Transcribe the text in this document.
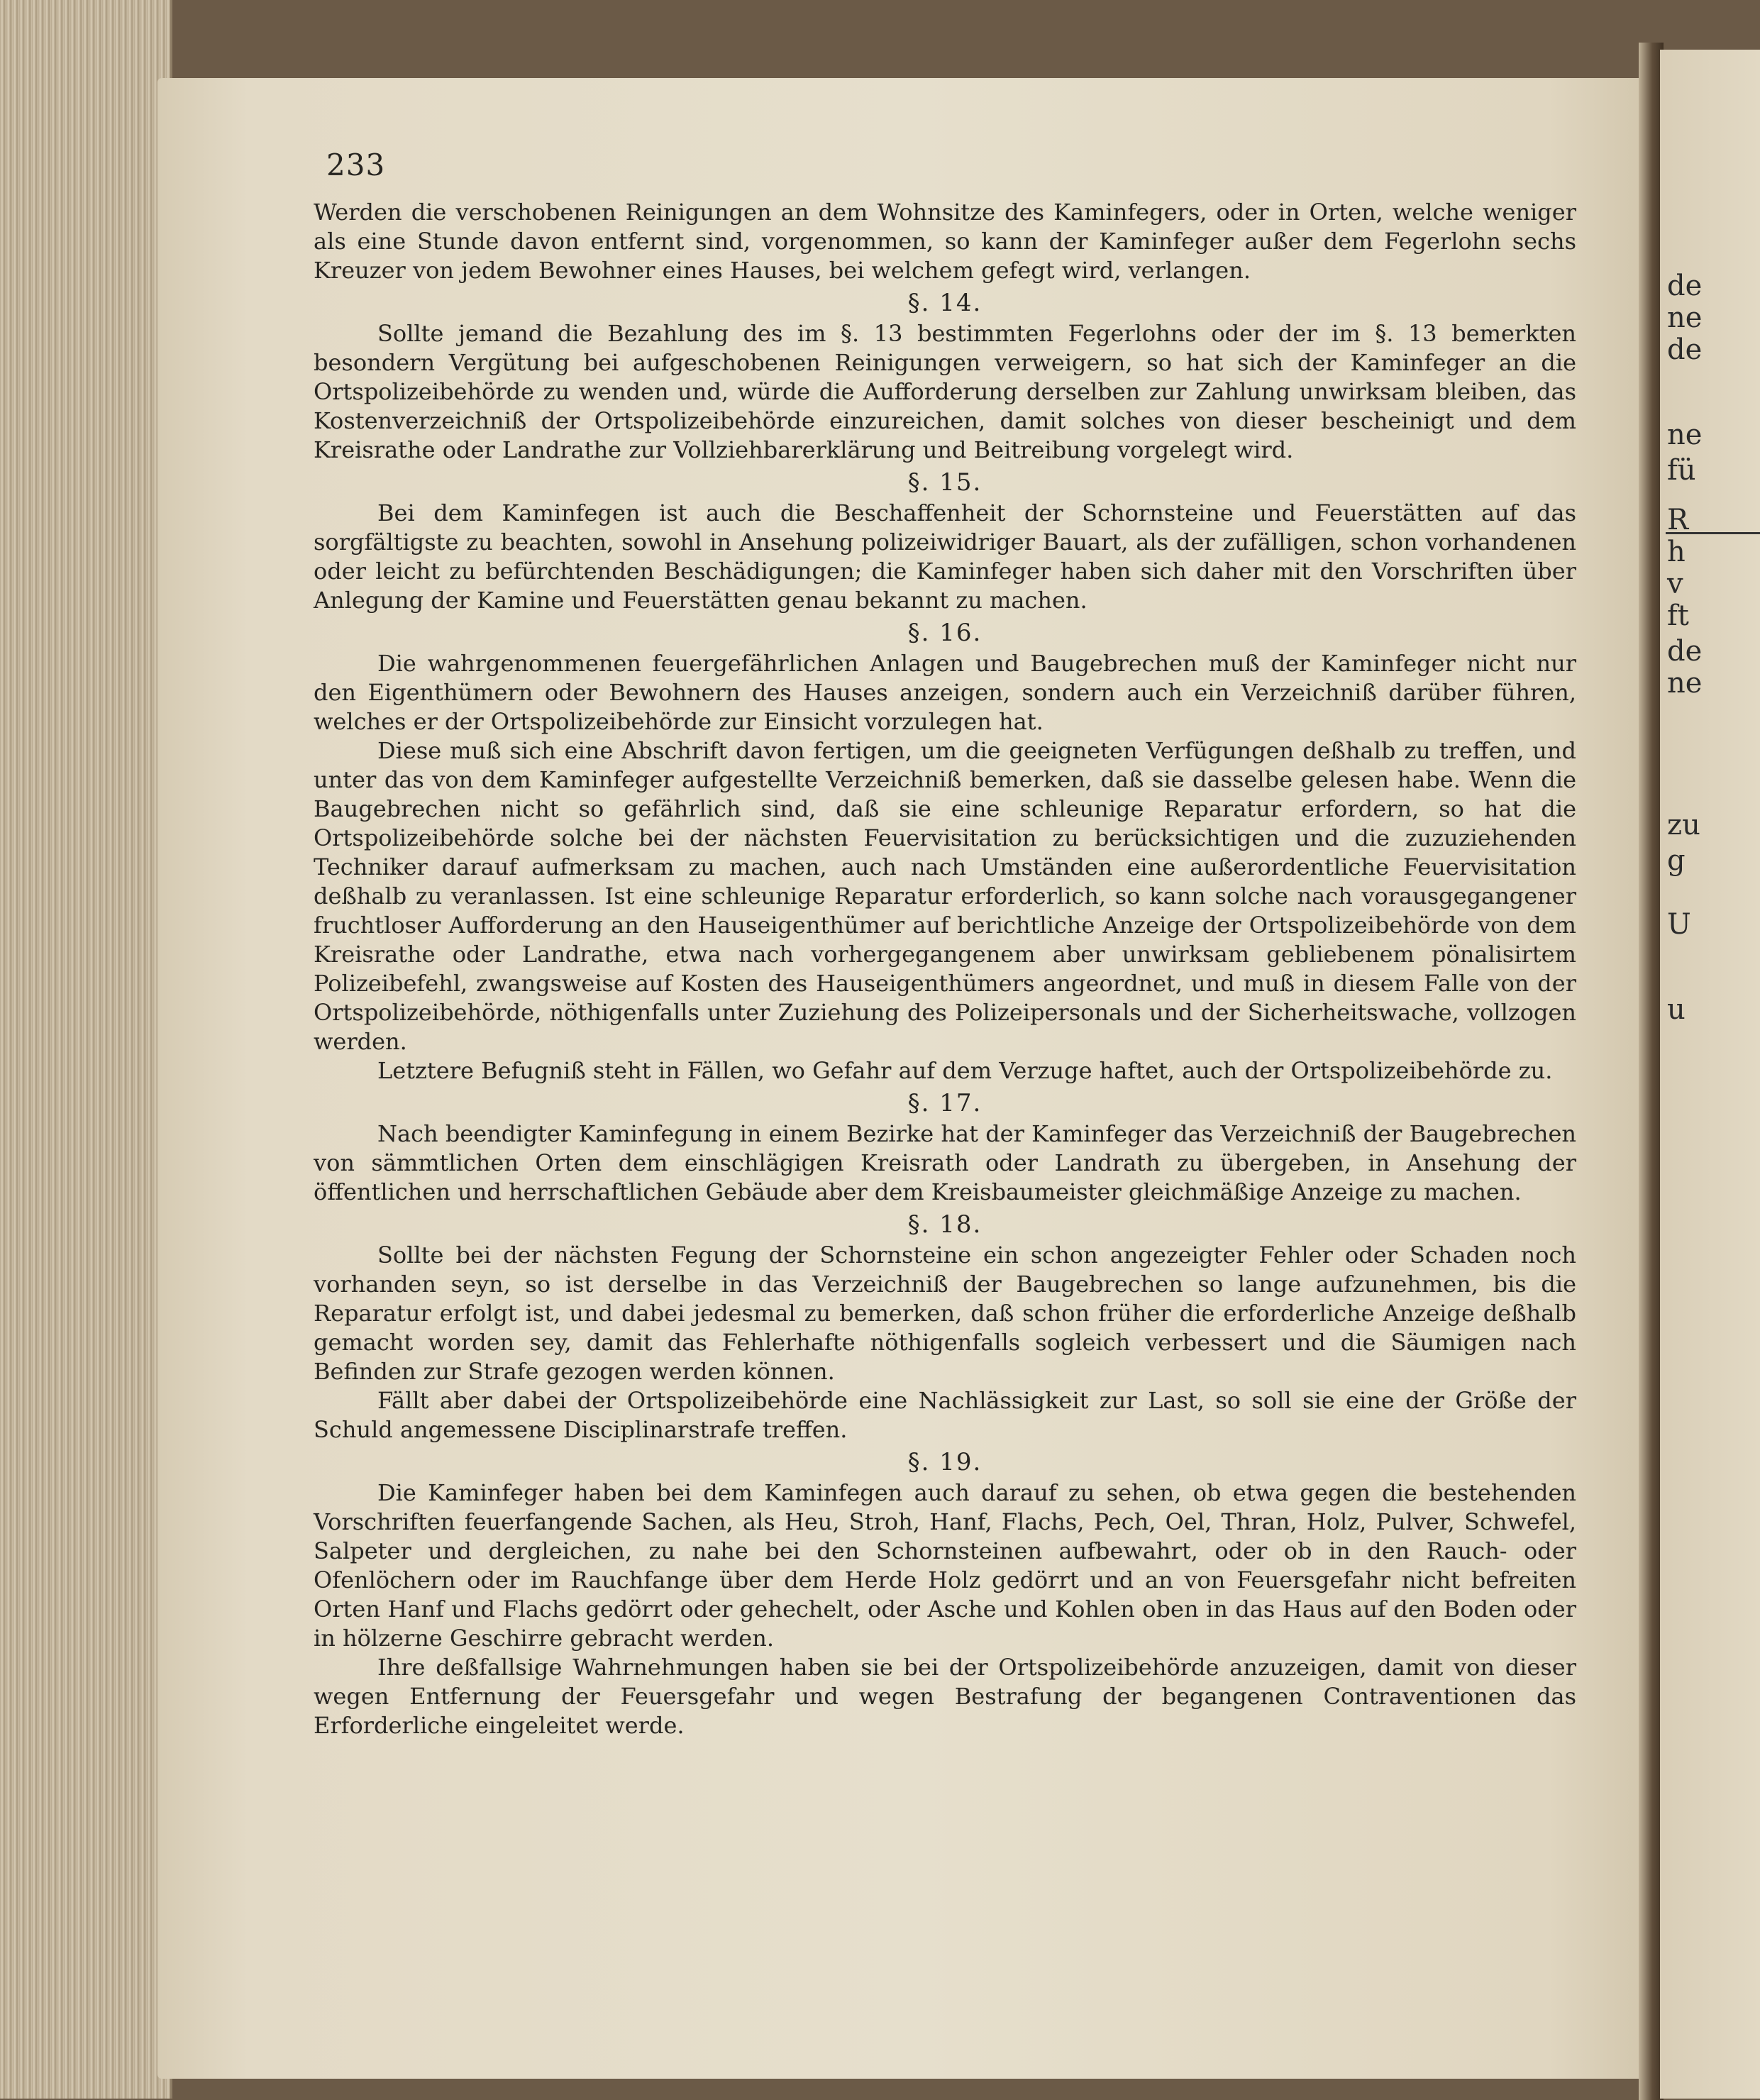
de
ne
de
ne
fü
R
h
v
ft
de
ne
zu
g
U
u
233
Werden die verschobenen Reinigungen an dem Wohnsitze des Kaminfegers, oder in Orten, welche weniger als eine Stunde davon entfernt sind, vorgenommen, so kann der Kaminfeger außer dem Fegerlohn sechs Kreuzer von jedem Bewohner eines Hauses, bei welchem gefegt wird, verlangen.
§. 14.
Sollte jemand die Bezahlung des im §. 13 bestimmten Fegerlohns oder der im §. 13 bemerkten besondern Vergütung bei aufgeschobenen Reinigungen verweigern, so hat sich der Kaminfeger an die Ortspolizeibehörde zu wenden und, würde die Aufforderung derselben zur Zahlung unwirksam bleiben, das Kostenverzeichniß der Ortspolizeibehörde einzureichen, damit solches von dieser bescheinigt und dem Kreisrathe oder Landrathe zur Vollziehbarerklärung und Beitreibung vorgelegt wird.
§. 15.
Bei dem Kaminfegen ist auch die Beschaffenheit der Schornsteine und Feuerstätten auf das sorgfältigste zu beachten, sowohl in Ansehung polizeiwidriger Bauart, als der zufälligen, schon vorhandenen oder leicht zu befürchtenden Beschädigungen; die Kaminfeger haben sich daher mit den Vorschriften über Anlegung der Kamine und Feuerstätten genau bekannt zu machen.
§. 16.
Die wahrgenommenen feuergefährlichen Anlagen und Baugebrechen muß der Kaminfeger nicht nur den Eigenthümern oder Bewohnern des Hauses anzeigen, sondern auch ein Verzeichniß darüber führen, welches er der Ortspolizeibehörde zur Einsicht vorzulegen hat.
Diese muß sich eine Abschrift davon fertigen, um die geeigneten Verfügungen deßhalb zu treffen, und unter das von dem Kaminfeger aufgestellte Verzeichniß bemerken, daß sie dasselbe gelesen habe. Wenn die Baugebrechen nicht so gefährlich sind, daß sie eine schleunige Reparatur erfordern, so hat die Ortspolizeibehörde solche bei der nächsten Feuervisitation zu berücksichtigen und die zuzuziehenden Techniker darauf aufmerksam zu machen, auch nach Umständen eine außerordentliche Feuervisitation deßhalb zu veranlassen. Ist eine schleunige Reparatur erforderlich, so kann solche nach vorausgegangener fruchtloser Aufforderung an den Hauseigenthümer auf berichtliche Anzeige der Ortspolizeibehörde von dem Kreisrathe oder Landrathe, etwa nach vorhergegangenem aber unwirksam gebliebenem pönalisirtem Polizeibefehl, zwangsweise auf Kosten des Hauseigenthümers angeordnet, und muß in diesem Falle von der Ortspolizeibehörde, nöthigenfalls unter Zuziehung des Polizeipersonals und der Sicherheitswache, vollzogen werden.
Letztere Befugniß steht in Fällen, wo Gefahr auf dem Verzuge haftet, auch der Ortspolizeibehörde zu.
§. 17.
Nach beendigter Kaminfegung in einem Bezirke hat der Kaminfeger das Verzeichniß der Baugebrechen von sämmtlichen Orten dem einschlägigen Kreisrath oder Landrath zu übergeben, in Ansehung der öffentlichen und herrschaftlichen Gebäude aber dem Kreisbaumeister gleichmäßige Anzeige zu machen.
§. 18.
Sollte bei der nächsten Fegung der Schornsteine ein schon angezeigter Fehler oder Schaden noch vorhanden seyn, so ist derselbe in das Verzeichniß der Baugebrechen so lange aufzunehmen, bis die Reparatur erfolgt ist, und dabei jedesmal zu bemerken, daß schon früher die erforderliche Anzeige deßhalb gemacht worden sey, damit das Fehlerhafte nöthigenfalls sogleich verbessert und die Säumigen nach Befinden zur Strafe gezogen werden können.
Fällt aber dabei der Ortspolizeibehörde eine Nachlässigkeit zur Last, so soll sie eine der Größe der Schuld angemessene Disciplinarstrafe treffen.
§. 19.
Die Kaminfeger haben bei dem Kaminfegen auch darauf zu sehen, ob etwa gegen die bestehenden Vorschriften feuerfangende Sachen, als Heu, Stroh, Hanf, Flachs, Pech, Oel, Thran, Holz, Pulver, Schwefel, Salpeter und dergleichen, zu nahe bei den Schornsteinen aufbewahrt, oder ob in den Rauch- oder Ofenlöchern oder im Rauchfange über dem Herde Holz gedörrt und an von Feuersgefahr nicht befreiten Orten Hanf und Flachs gedörrt oder gehechelt, oder Asche und Kohlen oben in das Haus auf den Boden oder in hölzerne Geschirre gebracht werden.
Ihre deßfallsige Wahrnehmungen haben sie bei der Ortspolizeibehörde anzuzeigen, damit von dieser wegen Entfernung der Feuersgefahr und wegen Bestrafung der begangenen Contraventionen das Erforderliche eingeleitet werde.
